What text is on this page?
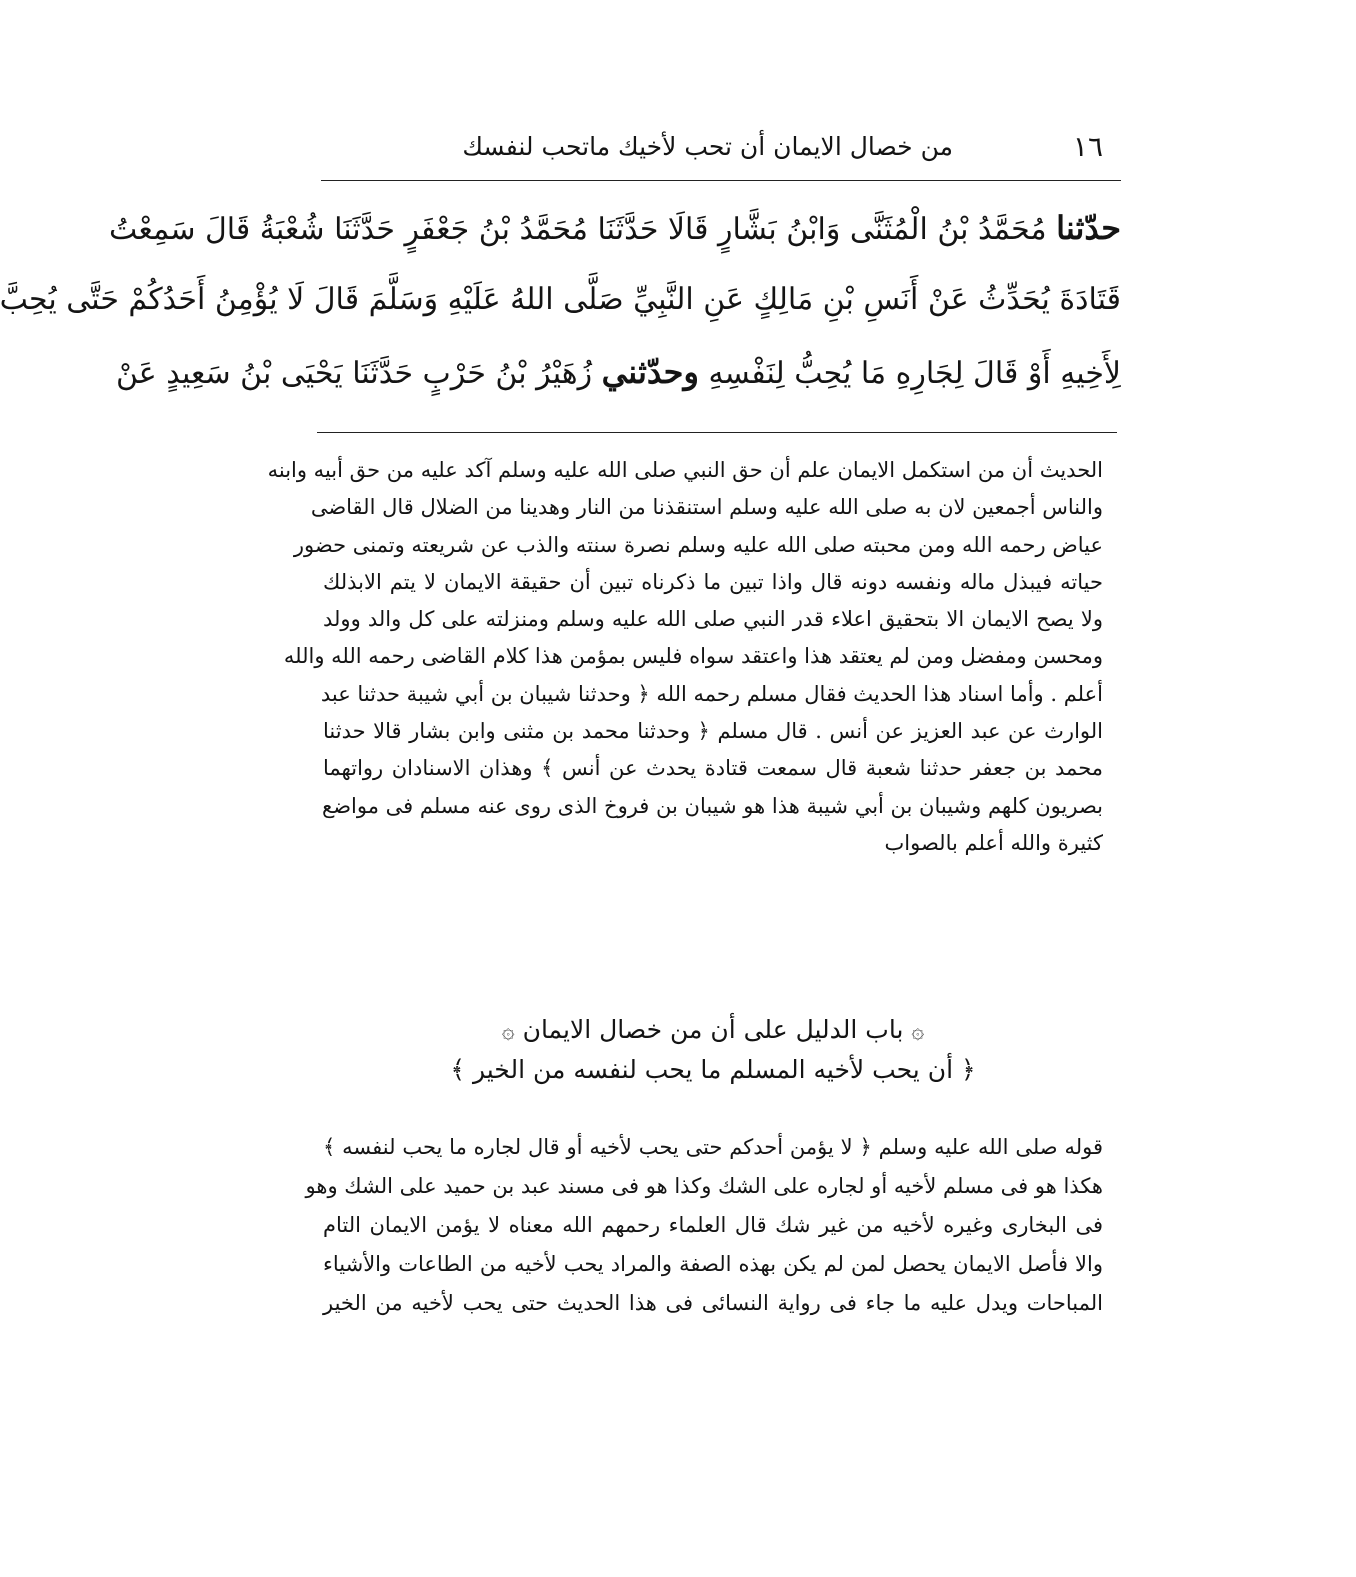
١٦
من خصال الايمان أن تحب لأخيك ماتحب لنفسك
حدّثنا مُحَمَّدُ بْنُ الْمُثَنَّى وَابْنُ بَشَّارٍ قَالَا حَدَّثَنَا مُحَمَّدُ بْنُ جَعْفَرٍ حَدَّثَنَا شُعْبَةُ قَالَ سَمِعْتُ
قَتَادَةَ يُحَدِّثُ عَنْ أَنَسِ بْنِ مَالِكٍ عَنِ النَّبِيِّ صَلَّى اللهُ عَلَيْهِ وَسَلَّمَ قَالَ لَا يُؤْمِنُ أَحَدُكُمْ حَتَّى يُحِبَّ
لِأَخِيهِ أَوْ قَالَ لِجَارِهِ مَا يُحِبُّ لِنَفْسِهِ وحدّثني زُهَيْرُ بْنُ حَرْبٍ حَدَّثَنَا يَحْيَى بْنُ سَعِيدٍ عَنْ
الحديث أن من استكمل الايمان علم أن حق النبي صلى الله عليه وسلم آكد عليه من حق أبيه وابنه
والناس أجمعين لان به صلى الله عليه وسلم استنقذنا من النار وهدينا من الضلال قال القاضى
عياض رحمه الله ومن محبته صلى الله عليه وسلم نصرة سنته والذب عن شريعته وتمنى حضور
حياته فيبذل ماله ونفسه دونه قال واذا تبين ما ذكرناه تبين أن حقيقة الايمان لا يتم الابذلك
ولا يصح الايمان الا بتحقيق اعلاء قدر النبي صلى الله عليه وسلم ومنزلته على كل والد وولد
ومحسن ومفضل ومن لم يعتقد هذا واعتقد سواه فليس بمؤمن هذا كلام القاضى رحمه الله والله
أعلم . وأما اسناد هذا الحديث فقال مسلم رحمه الله ﴿ وحدثنا شيبان بن أبي شيبة حدثنا عبد
الوارث عن عبد العزيز عن أنس . قال مسلم ﴿ وحدثنا محمد بن مثنى وابن بشار قالا حدثنا
محمد بن جعفر حدثنا شعبة قال سمعت قتادة يحدث عن أنس ﴾ وهذان الاسنادان رواتهما
بصريون كلهم وشيبان بن أبي شيبة هذا هو شيبان بن فروخ الذى روى عنه مسلم فى مواضع
كثيرة والله أعلم بالصواب
۞ باب الدليل على أن من خصال الايمان ۞
﴿ أن يحب لأخيه المسلم ما يحب لنفسه من الخير ﴾
قوله صلى الله عليه وسلم ﴿ لا يؤمن أحدكم حتى يحب لأخيه أو قال لجاره ما يحب لنفسه ﴾
هكذا هو فى مسلم لأخيه أو لجاره على الشك وكذا هو فى مسند عبد بن حميد على الشك وهو
فى البخارى وغيره لأخيه من غير شك قال العلماء رحمهم الله معناه لا يؤمن الايمان التام
والا فأصل الايمان يحصل لمن لم يكن بهذه الصفة والمراد يحب لأخيه من الطاعات والأشياء
المباحات ويدل عليه ما جاء فى رواية النسائى فى هذا الحديث حتى يحب لأخيه من الخير
